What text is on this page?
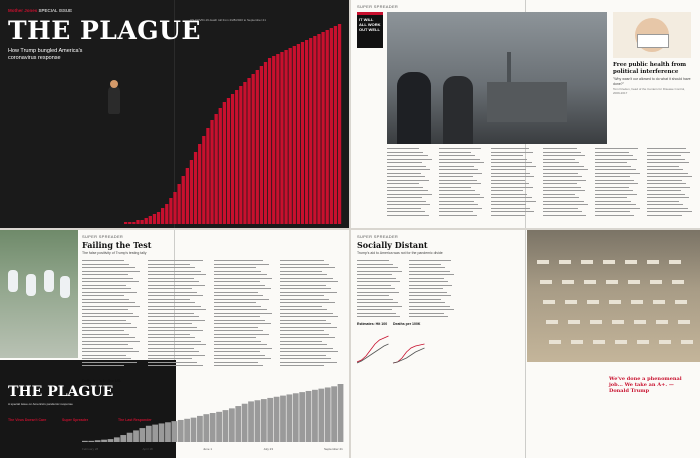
Mother Jones SPECIAL ISSUE
THE PLAGUE
How Trump bungled America's coronavirus response
US COVID-19 death toll from 2/28/2020 to September 21
SUPER SPREADER
IT WILL ALL WORK OUT WELL
Free public health from political interference
"Why wasn't our allowed to do what it should have done?"
Tom Frieden, head of the Centers for Disease Control, 2009-2017
THE PLAGUE
A special issue on America's pandemic response
The Virus Doesn't Care	Super Spreader	The Last Responder
SUPER SPREADER
Failing the Test
The false positivity of Trump's testing tally
Daily tests in the US
February 28	April 18	June 1	July 23	September 21
SUPER SPREADER
Socially Distant
Trump's aid to America was not for the pandemic divide
Estimates: Hit 100 Deaths per 100K
We've done a phenomenal job... We take an A+. — Donald Trump
